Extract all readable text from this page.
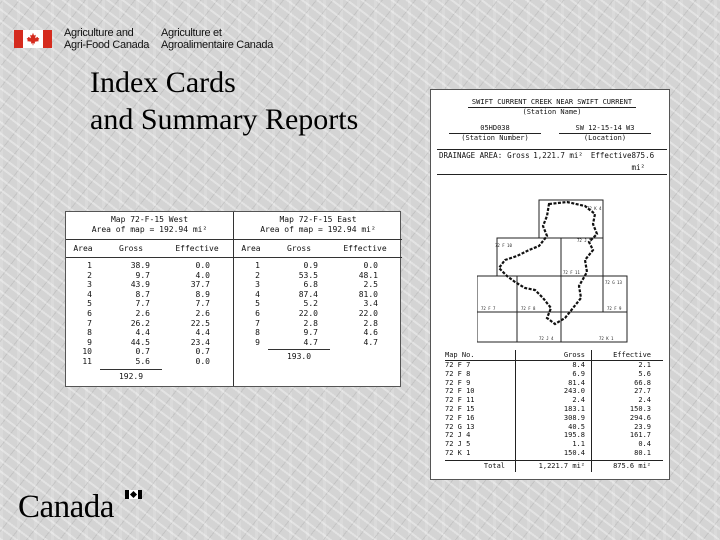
Agriculture and
Agri-Food Canada
Agriculture et
Agroalimentaire Canada
Index Cards
and Summary Reports
Map 72-F-15 West
Area of map = 192.94 mi²
Area	Gross	Effective
1	38.9	0.0
2	9.7	4.0
3	43.9	37.7
4	8.7	8.9
5	7.7	7.7
6	2.6	2.6
7	26.2	22.5
8	4.4	4.4
9	44.5	23.4
10	0.7	0.7
11	5.6	0.0
192.9
Map 72-F-15 East
Area of map = 192.94 mi²
Area	Gross	Effective
1	0.9	0.0
2	53.5	48.1
3	6.8	2.5
4	87.4	81.0
5	5.2	3.4
6	22.0	22.0
7	2.8	2.8
8	9.7	4.6
9	4.7	4.7
193.0
SWIFT CURRENT CREEK NEAR SWIFT CURRENT
(Station Name)
05HD038
(Station Number)
SW 12-15-14 W3
(Location)
DRAINAGE AREA: Gross 1,221.7 mi²	Effective 875.6 mi²
72 K 4
72 J 5
72 F 10
72 F 11
72 G 13
72 F 7	72 F 8	72 F 9
72 J 4	72 K 1
Map No.	Gross	Effective
72 F 7	8.4	2.1
72 F 8	6.9	5.6
72 F 9	81.4	66.8
72 F 10	243.0	27.7
72 F 11	2.4	2.4
72 F 15	183.1	150.3
72 F 16	308.9	294.6
72 G 13	40.5	23.9
72 J 4	195.8	161.7
72 J 5	1.1	0.4
72 K 1	150.4	80.1
Total	1,221.7 mi²	875.6 mi²
Canada
